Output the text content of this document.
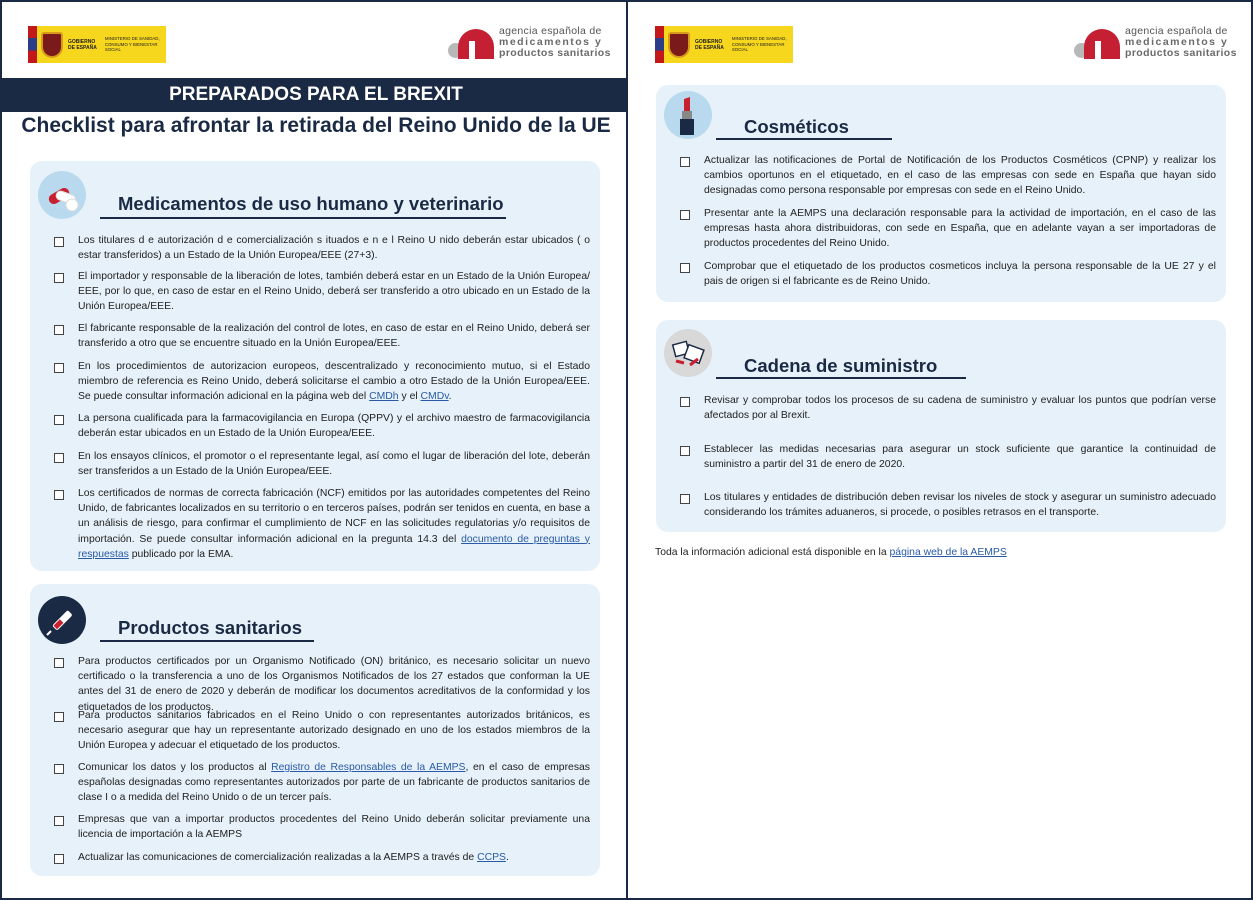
GOBIERNO
DE ESPAÑA
MINISTERIO DE SANIDAD, CONSUMO Y BIENESTAR SOCIAL
agencia española de
medicamentos y
productos sanitarios
PREPARADOS PARA EL BREXIT
Checklist para afrontar la retirada del Reino Unido de la UE
Medicamentos de uso humano y veterinario
Los titulares d e autorización d e comercialización s ituados e n e l Reino U nido deberán estar ubicados ( o estar transferidos) a un Estado de la Unión Europea/EEE (27+3).
El importador y responsable de la liberación de lotes, también deberá estar en un Estado de la Unión Europea/ EEE, por lo que, en caso de estar en el Reino Unido, deberá ser transferido a otro ubicado en un Estado de la Unión Europea/EEE.
El fabricante responsable de la realización del control de lotes, en caso de estar en el Reino Unido, deberá ser transferido a otro que se encuentre situado en la Unión Europea/EEE.
En los procedimientos de autorizacion europeos, descentralizado y reconocimiento mutuo, si el Estado miembro de referencia es Reino Unido, deberá solicitarse el cambio a otro Estado de la Unión Europea/EEE. Se puede consultar información adicional en la página web del CMDh y el CMDv.
La persona cualificada para la farmacovigilancia en Europa (QPPV) y el archivo maestro de farmacovigilancia deberán estar ubicados en un Estado de la Unión Europea/EEE.
En los ensayos clínicos, el promotor o el representante legal, así como el lugar de liberación del lote, deberán ser transferidos a un Estado de la Unión Europea/EEE.
Los certificados de normas de correcta fabricación (NCF) emitidos por las autoridades competentes del Reino Unido, de fabricantes localizados en su territorio o en terceros países, podrán ser tenidos en cuenta, en base a un análisis de riesgo, para confirmar el cumplimiento de NCF en las solicitudes regulatorias y/o requisitos de importación. Se puede consultar información adicional en la pregunta 14.3 del documento de preguntas y respuestas publicado por la EMA.
Productos sanitarios
Para productos certificados por un Organismo Notificado (ON) británico, es necesario solicitar un nuevo certificado o la transferencia a uno de los Organismos Notificados de los 27 estados que conforman la UE antes del 31 de enero de 2020 y deberán de modificar los documentos acreditativos de la conformidad y los etiquetados de los productos.
Para productos sanitarios fabricados en el Reino Unido o con representantes autorizados británicos, es necesario asegurar que hay un representante autorizado designado en uno de los estados miembros de la Unión Europea y adecuar el etiquetado de los productos.
Comunicar los datos y los productos al Registro de Responsables de la AEMPS, en el caso de empresas españolas designadas como representantes autorizados por parte de un fabricante de productos sanitarios de clase I o a medida del Reino Unido o de un tercer país.
Empresas que van a importar productos procedentes del Reino Unido deberán solicitar previamente una licencia de importación a la AEMPS
Actualizar las comunicaciones de comercialización realizadas a la AEMPS a través de CCPS.
GOBIERNO
DE ESPAÑA
MINISTERIO DE SANIDAD, CONSUMO Y BIENESTAR SOCIAL
agencia española de
medicamentos y
productos sanitarios
Cosméticos
Actualizar las notificaciones de Portal de Notificación de los Productos Cosméticos (CPNP) y realizar los cambios oportunos en el etiquetado, en el caso de las empresas con sede en España que hayan sido designadas como persona responsable por empresas con sede en el Reino Unido.
Presentar ante la AEMPS una declaración responsable para la actividad de importación, en el caso de las empresas hasta ahora distribuidoras, con sede en España, que en adelante vayan a ser importadoras de productos procedentes del Reino Unido.
Comprobar que el etiquetado de los productos cosmeticos incluya la persona responsable de la UE 27 y el pais de origen si el fabricante es de Reino Unido.
Cadena de suministro
Revisar y comprobar todos los procesos de su cadena de suministro y evaluar los puntos que podrían verse afectados por al Brexit.
Establecer las medidas necesarias para asegurar un stock suficiente que garantice la continuidad de suministro a partir del 31 de enero de 2020.
Los titulares y entidades de distribución deben revisar los niveles de stock y asegurar un suministro adecuado considerando los trámites aduaneros, si procede, o posibles retrasos en el transporte.
Toda la información adicional está disponible en la página web de la AEMPS
